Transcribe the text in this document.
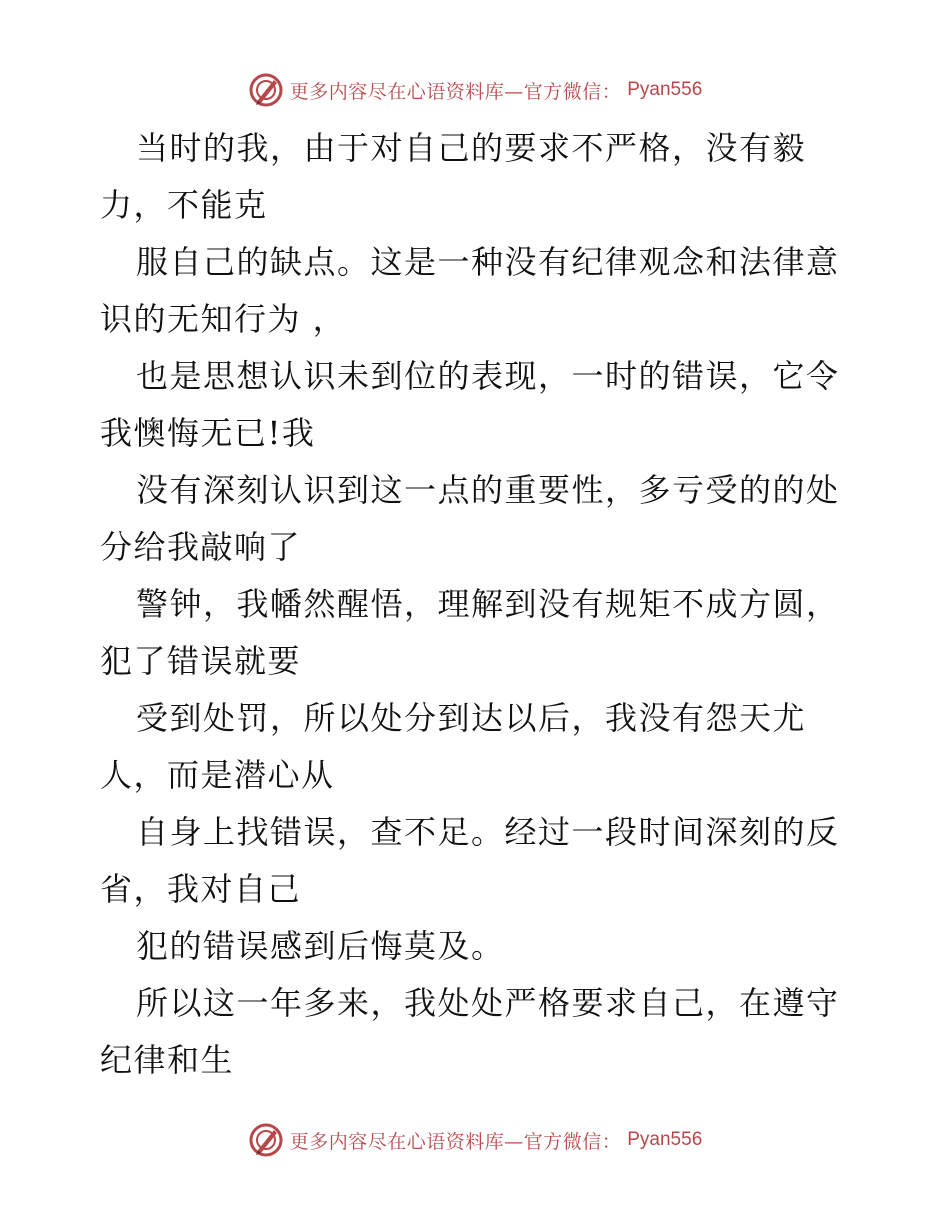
更多内容尽在心语资料库—官方微信： Pyan556

当时的我，由于对自己的要求不严格，没有毅
力，不能克

服自己的缺点。这是一种没有纪律观念和法律意
识的无知行为 ，

也是思想认识未到位的表现，一时的错误，它令
我懊悔无已!我

没有深刻认识到这一点的重要性，多亏受的的处
分给我敲响了

警钟，我幡然醒悟，理解到没有规矩不成方圆，
犯了错误就要

受到处罚，所以处分到达以后，我没有怨天尤
人，而是潜心从

自身上找错误，查不足。经过一段时间深刻的反
省，我对自己

犯的错误感到后悔莫及。

所以这一年多来，我处处严格要求自己，在遵守
纪律和生

更多内容尽在心语资料库—官方微信： Pyan556
